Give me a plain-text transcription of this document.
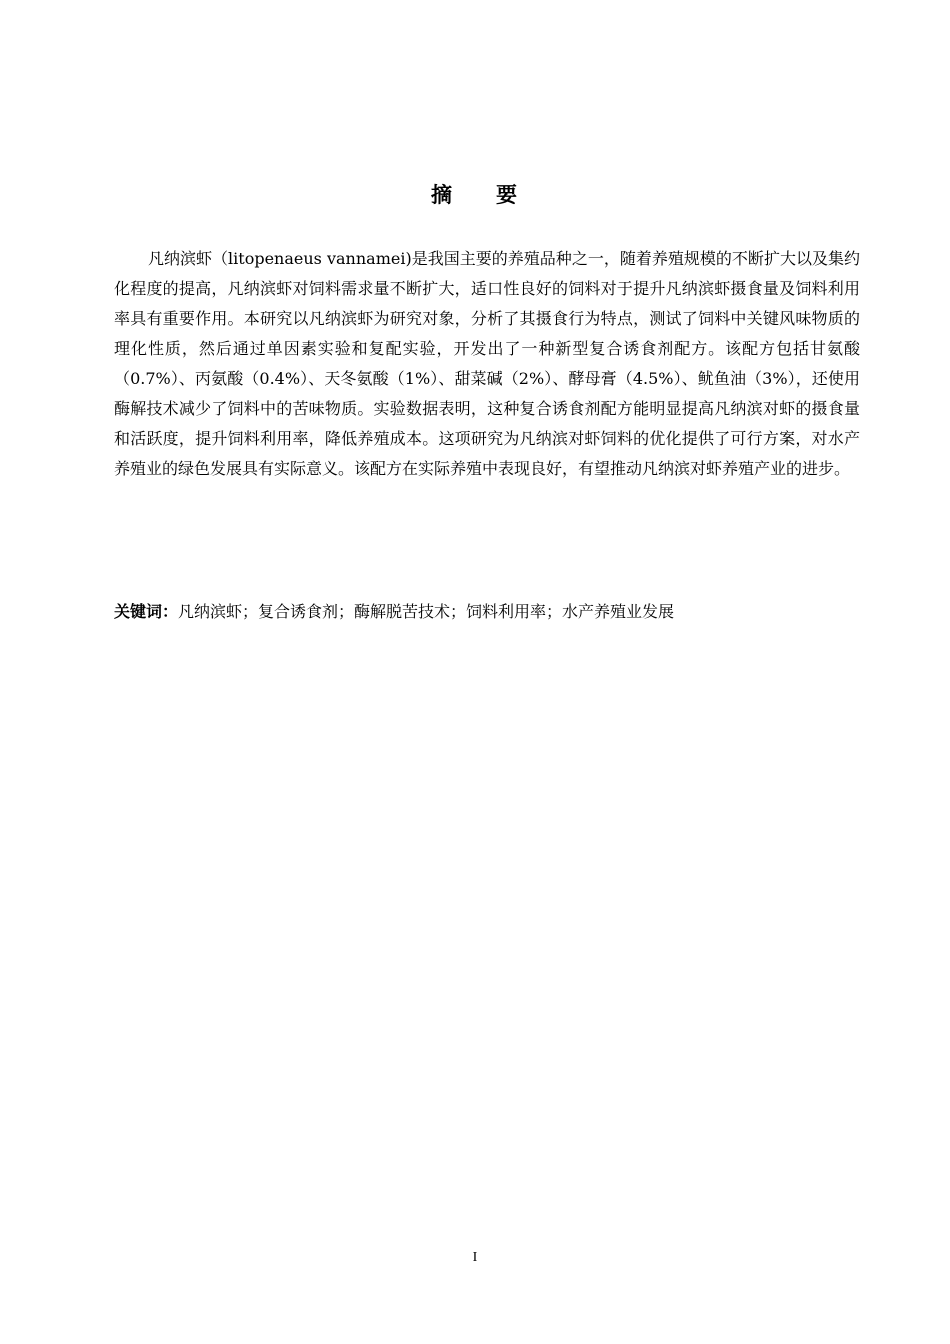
摘 要

凡纳滨虾（litopenaeus vannamei)是我国主要的养殖品种之一，随着养殖规模的不断扩大以及集约化程度的提高，凡纳滨虾对饲料需求量不断扩大，适口性良好的饲料对于提升凡纳滨虾摄食量及饲料利用率具有重要作用。本研究以凡纳滨虾为研究对象，分析了其摄食行为特点，测试了饲料中关键风味物质的理化性质，然后通过单因素实验和复配实验，开发出了一种新型复合诱食剂配方。该配方包括甘氨酸（0.7%）、丙氨酸（0.4%）、天冬氨酸（1%）、甜菜碱（2%）、酵母膏（4.5%）、鱿鱼油（3%），还使用酶解技术减少了饲料中的苦味物质。实验数据表明，这种复合诱食剂配方能明显提高凡纳滨对虾的摄食量和活跃度，提升饲料利用率，降低养殖成本。这项研究为凡纳滨对虾饲料的优化提供了可行方案，对水产养殖业的绿色发展具有实际意义。该配方在实际养殖中表现良好，有望推动凡纳滨对虾养殖产业的进步。

关键词：凡纳滨虾；复合诱食剂；酶解脱苦技术；饲料利用率；水产养殖业发展

I
